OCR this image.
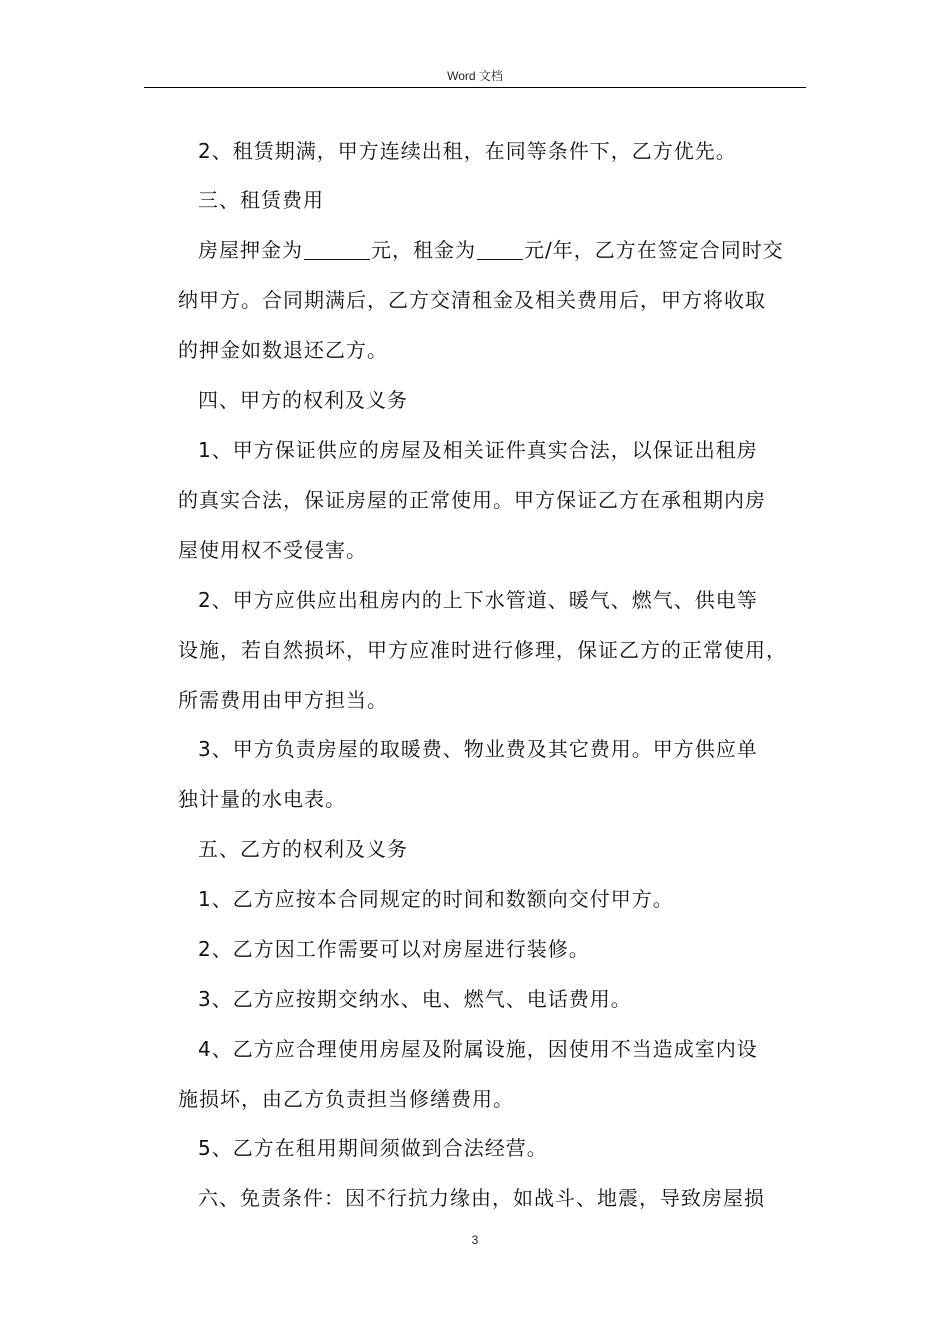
Word 文档
2、租赁期满，甲方连续出租，在同等条件下，乙方优先。
三、租赁费用
房屋押金为	元，租金为 元/年，乙方在签定合同时交
纳甲方。合同期满后，乙方交清租金及相关费用后，甲方将收取
的押金如数退还乙方。
四、甲方的权利及义务
1、甲方保证供应的房屋及相关证件真实合法，以保证出租房
的真实合法，保证房屋的正常使用。甲方保证乙方在承租期内房
屋使用权不受侵害。
2、甲方应供应出租房内的上下水管道、暖气、燃气、供电等
设施，若自然损坏，甲方应准时进行修理，保证乙方的正常使用，
所需费用由甲方担当。
3、甲方负责房屋的取暖费、物业费及其它费用。甲方供应单
独计量的水电表。
五、乙方的权利及义务
1、乙方应按本合同规定的时间和数额向交付甲方。
2、乙方因工作需要可以对房屋进行装修。
3、乙方应按期交纳水、电、燃气、电话费用。
4、乙方应合理使用房屋及附属设施，因使用不当造成室内设
施损坏，由乙方负责担当修缮费用。
5、乙方在租用期间须做到合法经营。
六、免责条件：因不行抗力缘由，如战斗、地震，导致房屋损
3
